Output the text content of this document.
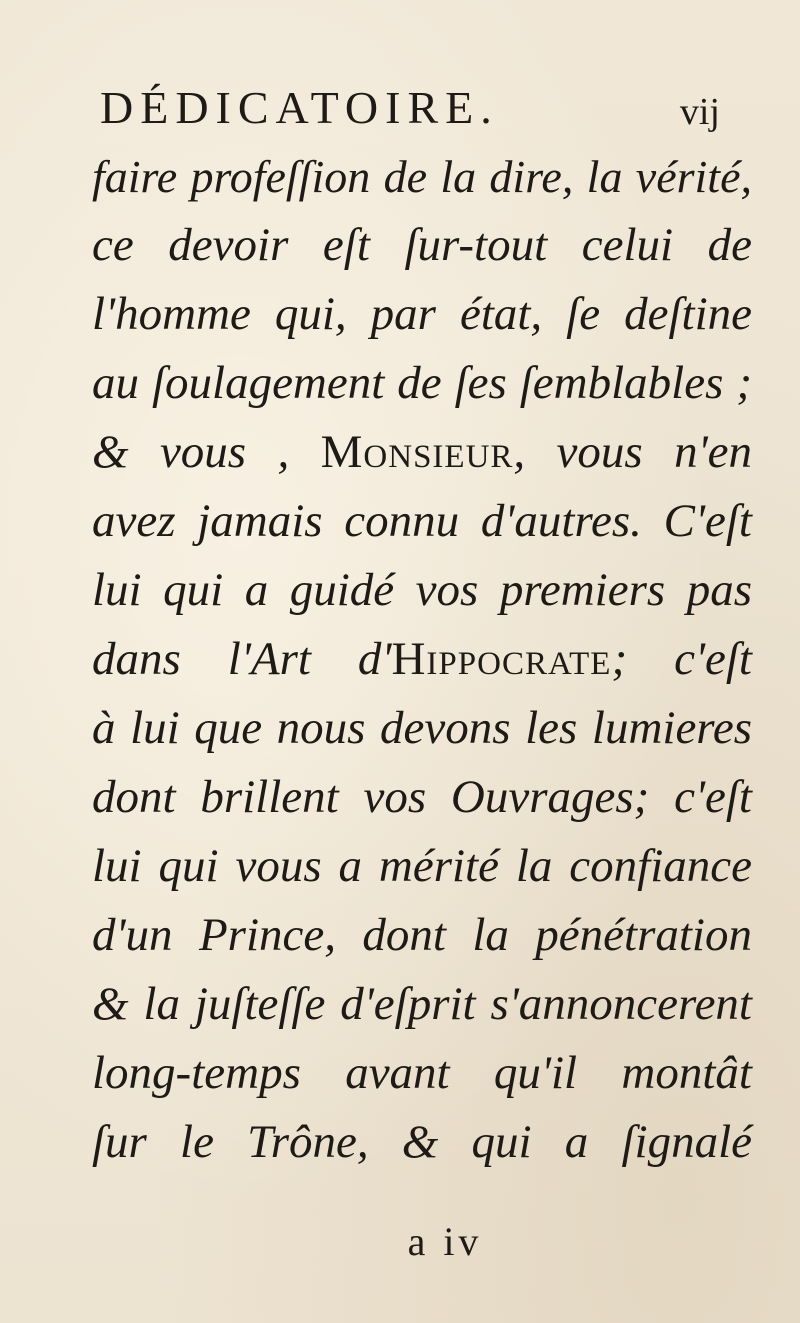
DÉDICATOIRE.	vij
faire profeſſion de la dire, la vérité,
ce devoir eſt ſur-tout celui de
l'homme qui, par état, ſe deſtine
au ſoulagement de ſes ſemblables ;
& vous , Monsieur, vous n'en
avez jamais connu d'autres. C'eſt
lui qui a guidé vos premiers pas
dans l'Art d'Hippocrate; c'eſt
à lui que nous devons les lumieres
dont brillent vos Ouvrages; c'eſt
lui qui vous a mérité la confiance
d'un Prince, dont la pénétration
& la juſteſſe d'eſprit s'annoncerent
long-temps avant qu'il montât
ſur le Trône, & qui a ſignalé
a iv
